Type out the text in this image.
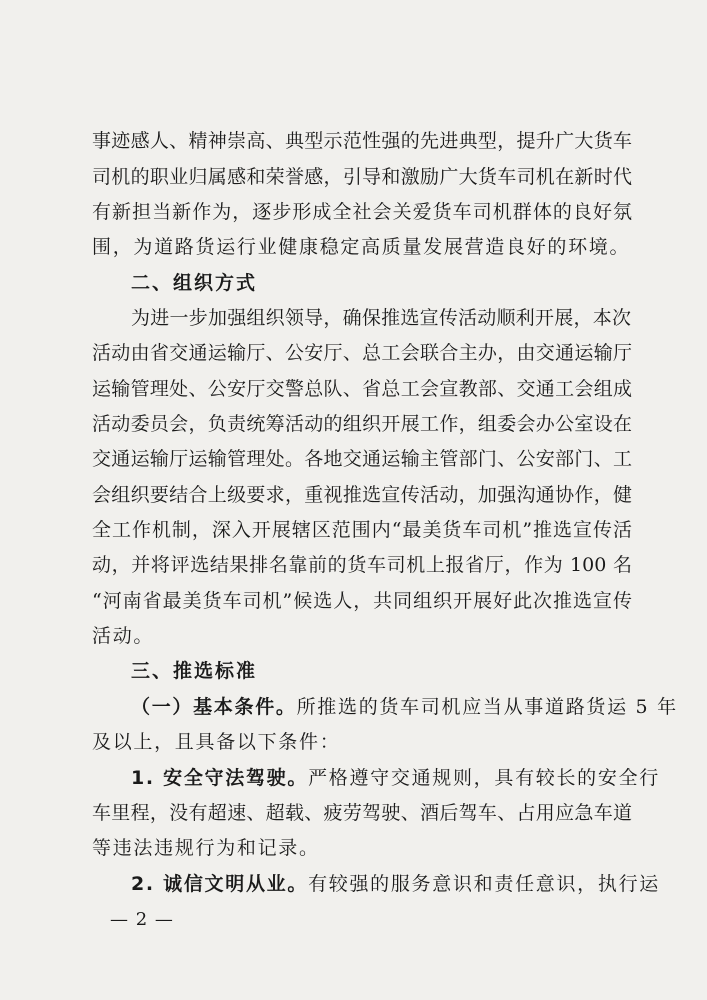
事迹感人、精神崇高、典型示范性强的先进典型，提升广大货车
司机的职业归属感和荣誉感，引导和激励广大货车司机在新时代
有新担当新作为，逐步形成全社会关爱货车司机群体的良好氛
围，为道路货运行业健康稳定高质量发展营造良好的环境。
二、组织方式
为进一步加强组织领导，确保推选宣传活动顺利开展，本次
活动由省交通运输厅、公安厅、总工会联合主办，由交通运输厅
运输管理处、公安厅交警总队、省总工会宣教部、交通工会组成
活动委员会，负责统筹活动的组织开展工作，组委会办公室设在
交通运输厅运输管理处。各地交通运输主管部门、公安部门、工
会组织要结合上级要求，重视推选宣传活动，加强沟通协作，健
全工作机制，深入开展辖区范围内“最美货车司机”推选宣传活
动，并将评选结果排名靠前的货车司机上报省厅，作为 100 名
“河南省最美货车司机”候选人，共同组织开展好此次推选宣传
活动。
三、推选标准
（一）基本条件。所推选的货车司机应当从事道路货运 5 年
及以上，且具备以下条件：
1. 安全守法驾驶。严格遵守交通规则，具有较长的安全行
车里程，没有超速、超载、疲劳驾驶、酒后驾车、占用应急车道
等违法违规行为和记录。
2. 诚信文明从业。有较强的服务意识和责任意识，执行运
— 2 —
